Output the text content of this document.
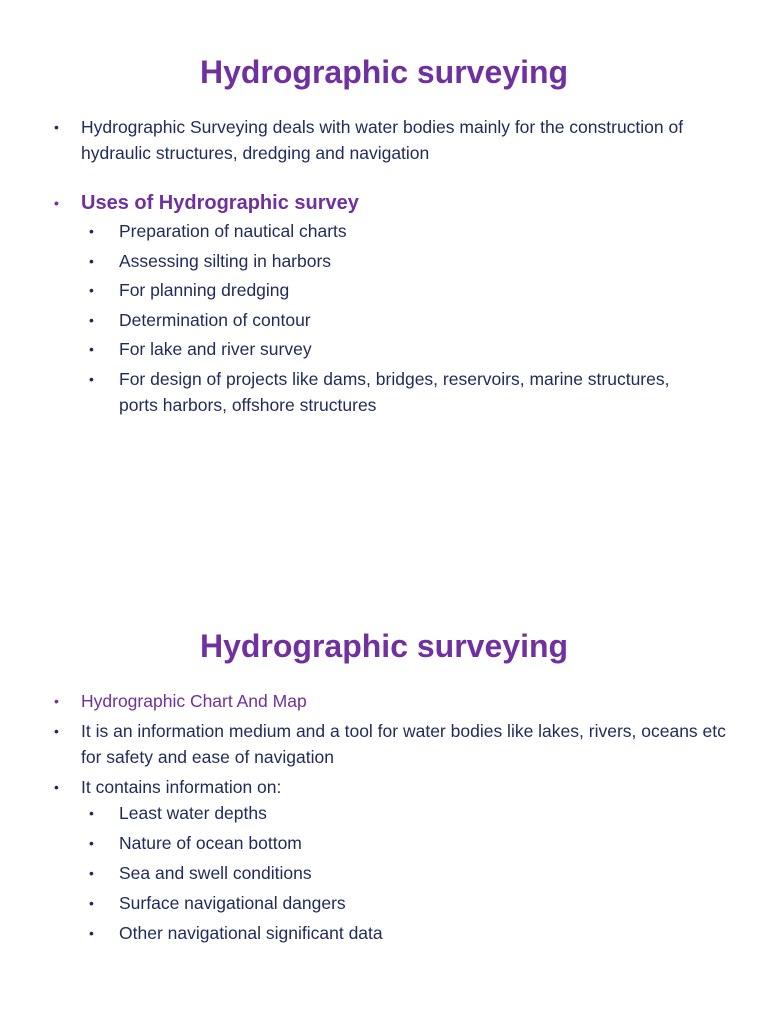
Hydrographic surveying
• Hydrographic Surveying deals with water bodies mainly for the construction of hydraulic structures, dredging and navigation
• Uses of Hydrographic survey
• Preparation of nautical charts
• Assessing silting in harbors
• For planning dredging
• Determination of contour
• For lake and river survey
• For design of projects like dams, bridges, reservoirs, marine structures, ports harbors, offshore structures
Hydrographic surveying
• Hydrographic Chart And Map
• It is an information medium and a tool for water bodies like lakes, rivers, oceans etc for safety and ease of navigation
• It contains information on:
• Least water depths
• Nature of ocean bottom
• Sea and swell conditions
• Surface navigational dangers
• Other navigational significant data
